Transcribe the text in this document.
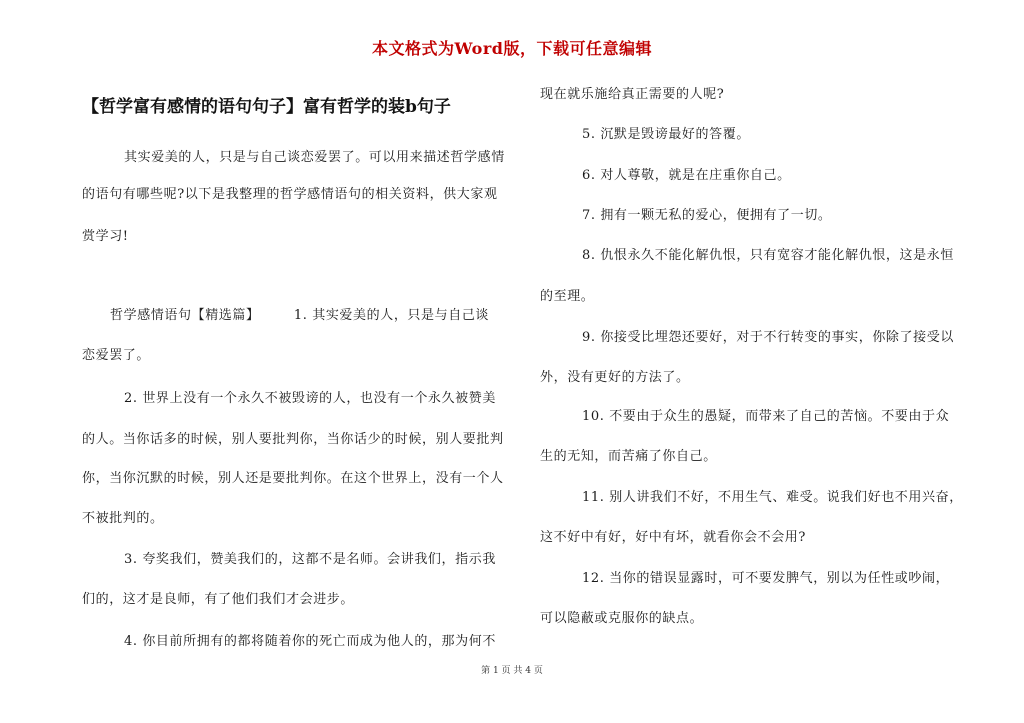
本文格式为Word版，下载可任意编辑
【哲学富有感情的语句句子】富有哲学的装b句子
其实爱美的人，只是与自己谈恋爱罢了。可以用来描述哲学感情
的语句有哪些呢?以下是我整理的哲学感情语句的相关资料，供大家观
赏学习!
哲学感情语句【精选篇】　　　1. 其实爱美的人，只是与自己谈
恋爱罢了。
2. 世界上没有一个永久不被毁谤的人，也没有一个永久被赞美
的人。当你话多的时候，别人要批判你，当你话少的时候，别人要批判
你，当你沉默的时候，别人还是要批判你。在这个世界上，没有一个人
不被批判的。
3. 夸奖我们，赞美我们的，这都不是名师。会讲我们，指示我
们的，这才是良师，有了他们我们才会进步。
4. 你目前所拥有的都将随着你的死亡而成为他人的，那为何不
现在就乐施给真正需要的人呢?
5. 沉默是毁谤最好的答覆。
6. 对人尊敬，就是在庄重你自己。
7. 拥有一颗无私的爱心，便拥有了一切。
8. 仇恨永久不能化解仇恨，只有宽容才能化解仇恨，这是永恒
的至理。
9. 你接受比埋怨还要好，对于不行转变的事实，你除了接受以
外，没有更好的方法了。
10. 不要由于众生的愚疑，而带来了自己的苦恼。不要由于众
生的无知，而苦痛了你自己。
11. 别人讲我们不好，不用生气、难受。说我们好也不用兴奋，
这不好中有好，好中有坏，就看你会不会用?
12. 当你的错误显露时，可不要发脾气，别以为任性或吵闹，
可以隐蔽或克服你的缺点。
第 1 页 共 4 页
